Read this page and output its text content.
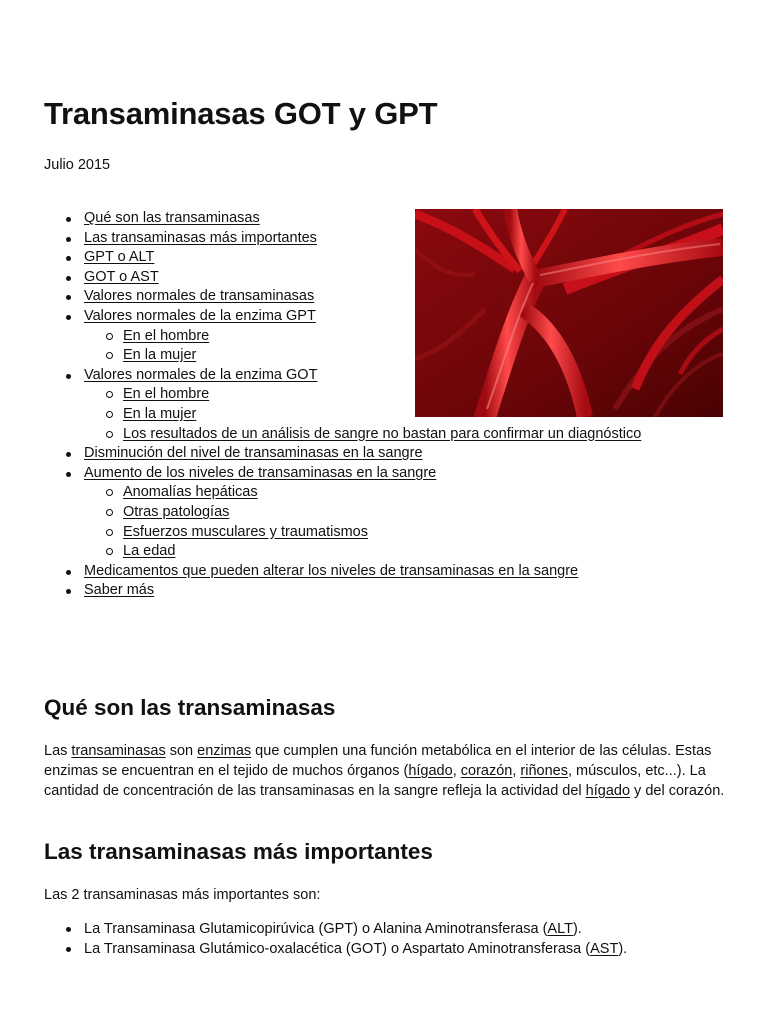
Transaminasas GOT y GPT
Julio 2015
Qué son las transaminasas
Las transaminasas más importantes
GPT o ALT
GOT o AST
Valores normales de transaminasas
Valores normales de la enzima GPT
En el hombre
En la mujer
Valores normales de la enzima GOT
En el hombre
En la mujer
Los resultados de un análisis de sangre no bastan para confirmar un diagnóstico
Disminución del nivel de transaminasas en la sangre
Aumento de los niveles de transaminasas en la sangre
Anomalías hepáticas
Otras patologías
Esfuerzos musculares y traumatismos
La edad
Medicamentos que pueden alterar los niveles de transaminasas en la sangre
Saber más
Qué son las transaminasas

Las transaminasas son enzimas que cumplen una función metabólica en el interior de las células. Estas enzimas se encuentran en el tejido de muchos órganos (hígado, corazón, riñones, músculos, etc...). La cantidad de concentración de las transaminasas en la sangre refleja la actividad del hígado y del corazón.

Las transaminasas más importantes

Las 2 transaminasas más importantes son:

La Transaminasa Glutamicopirúvica (GPT) o Alanina Aminotransferasa (ALT).
La Transaminasa Glutámico-oxalacética (GOT) o Aspartato Aminotransferasa (AST).
